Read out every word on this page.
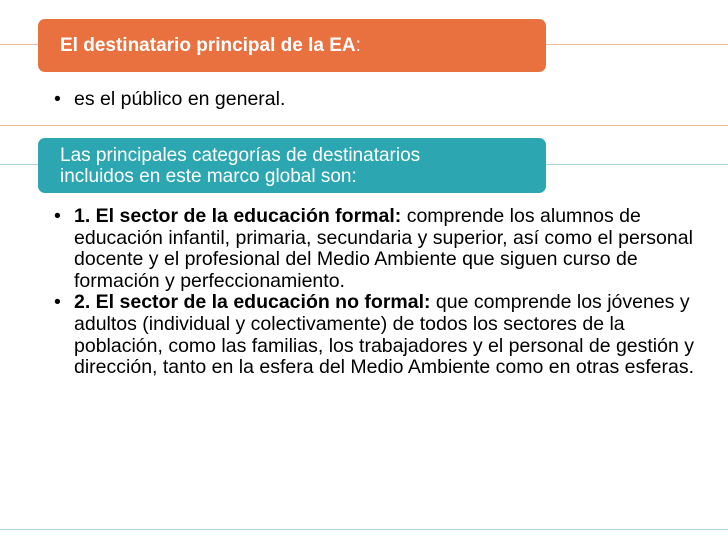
El destinatario principal de la EA:
• es el público en general.
Las principales categorías de destinatarios
incluidos en este marco global son:
• 1. El sector de la educación formal: comprende los alumnos de educación infantil, primaria, secundaria y superior, así como el personal docente y el profesional del Medio Ambiente que siguen curso de formación y perfeccionamiento.
• 2. El sector de la educación no formal: que comprende los jóvenes y adultos (individual y colectivamente) de todos los sectores de la población, como las familias, los trabajadores y el personal de gestión y dirección, tanto en la esfera del Medio Ambiente como en otras esferas.
